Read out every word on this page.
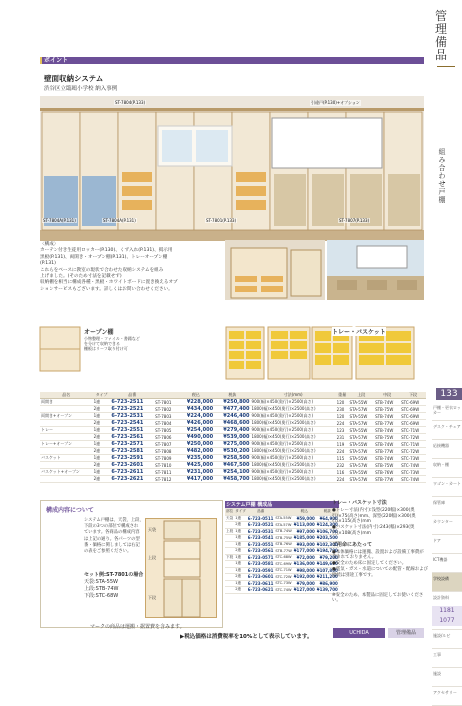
管理備品
組み合わせ戸棚
133
戸棚・更衣ロッカー
デスク・チェア
応接機器
収納・棚
ワゴン・カート
保管庫
カウンター
ドア
ICT機器
学校設備
設計資料
施設/ルビ
工事
施設
アクセサリー
1181
1077
ポイント
壁面収納システム
渋谷区立臨鴎小学校 納入事例
ST-7804(P.133)	引違戸(P.130)+オプション
ST-7804A(P.131)	ST-7804A(P.131)	ST-7801(P.133)	ST-7807(P.133)
〈構成〉
カーテン付き生徒用ロッカー(P.130)、くず入れ(P.131)、掲示用
黒板(P.131)、両開き・オープン棚(P.131)、トレーオープン棚
(P.131)
これらをベースに教室の現状で合わせた収納システムを組み
上げました。(そのため寸法を記載せず)
収納棚を相当に構成各種・黒板・ホワイトボードに置き換えるオプ
ションサービスもございます。詳しくはお問い合わせください。
オープン棚
小物整理・ファイル・書籍など
を分けて収納できる
棚板はリーフ取り付け可
トレー・バスケット
品名	タイプ	品番		税込	税抜	寸法(mm)	重量	上段	中段	下段
両開き	1連	6-723-2511	ST-7801	¥228,000	¥250,800	900(幅)×450(奥行)×2500(高さ)	120	STA-55W	STB-74W	STC-69W
	2連	6-723-2521	ST-7802	¥434,000	¥477,400	1800(幅)×450(奥行)×2500(高さ)	230	STA-57W	STB-75W	STC-69W
両開き+オープン	1連	6-723-2531	ST-7803	¥224,000	¥246,400	900(幅)×450(奥行)×2500(高さ)	120	STA-55W	STB-74W	STC-69W
	2連	6-723-2541	ST-7804	¥426,000	¥468,600	1800(幅)×450(奥行)×2500(高さ)	224	STA-57W	STB-77W	STC-69W
トレー	1連	6-723-2551	ST-7805	¥254,000	¥279,400	900(幅)×450(奥行)×2500(高さ)	123	STA-55W	STB-74W	STC-71W
	2連	6-723-2561	ST-7806	¥490,000	¥539,000	1800(幅)×450(奥行)×2500(高さ)	231	STA-57W	STB-75W	STC-72W
トレー+オープン	1連	6-723-2571	ST-7807	¥250,000	¥275,000	900(幅)×450(奥行)×2500(高さ)	119	STA-55W	STB-74W	STC-71W
	2連	6-723-2581	ST-7808	¥482,000	¥530,200	1800(幅)×450(奥行)×2500(高さ)	224	STA-57W	STB-77W	STC-72W
バスケット	1連	6-723-2591	ST-7809	¥235,000	¥258,500	900(幅)×450(奥行)×2500(高さ)	115	STA-55W	STB-74W	STC-73W
	2連	6-723-2601	ST-7810	¥425,000	¥467,500	1800(幅)×450(奥行)×2500(高さ)	232	STA-57W	STB-75W	STC-74W
バスケット+オープン	1連	6-723-2611	ST-7811	¥231,000	¥254,100	900(幅)×450(奥行)×2500(高さ)	116	STA-55W	STB-76W	STC-73W
	2連	6-723-2621	ST-7812	¥417,000	¥458,700	1800(幅)×450(奥行)×2500(高さ)	224	STA-57W	STB-77W	STC-74W
構成内容について
システム戸棚は、天袋、上段、
下段の3つの部位で構成され
ています。各商品の構成内容
は上記の通り。各パーツの型
番・価格に関しましては右記
の表をご参照ください。
セット例:ST-7801の場合
天袋:STA-55W
上段:STB-74W
下段:STC-68W
天袋
上段
下段
システム戸棚 構成品					
部位	タイプ	品番		税込	税抜
天袋	1連	6-723-0511	STA-55W	¥59,000	¥64,900
	2連	6-723-0521	STA-57W	¥113,000	¥124,300
上段	1連	6-723-0531	STB-74W	¥97,000	¥106,700
	1連	6-723-0541	STB-75W	¥185,000	¥203,500
	1連	6-723-0551	STB-76W	¥93,000	¥102,300
	2連	6-723-0561	STB-77W	¥177,000	¥194,700
下段	1連	6-723-0571	STC-68W	¥72,000	¥79,200
	1連	6-723-0581	STC-69W	¥136,000	¥149,600
	1連	6-723-0591	STC-71W	¥98,000	¥107,800
	2連	6-723-0601	STC-72W	¥192,000	¥211,200
	1連	6-723-0611	STC-73W	¥79,000	¥86,900
	2連	6-723-0621	STC-74W	¥127,000	¥139,700
トレー・バスケット寸法
●トレー寸法(内寸):浅型(220幅)×300(奥行)×75(高さ)mm、深型(220幅)×300(奥行)×115(高さ)mm
●バスケット寸法(内寸):243(幅)×293(奥行)×108(高さ)mm
ご用命にあたって
●本体価格には運搬、設置および設備工事費が含まれておりません。
●安全のため床に固定してください。
●電気・ガス・水道についての配管・配線および接続は別途工事です。
※安全のため、本製品に固定してお使いください。
マークの商品は運搬・据置費を含みます。
▶税込価格は消費税率を10%として表示しています。
UCHIDA	管理備品
